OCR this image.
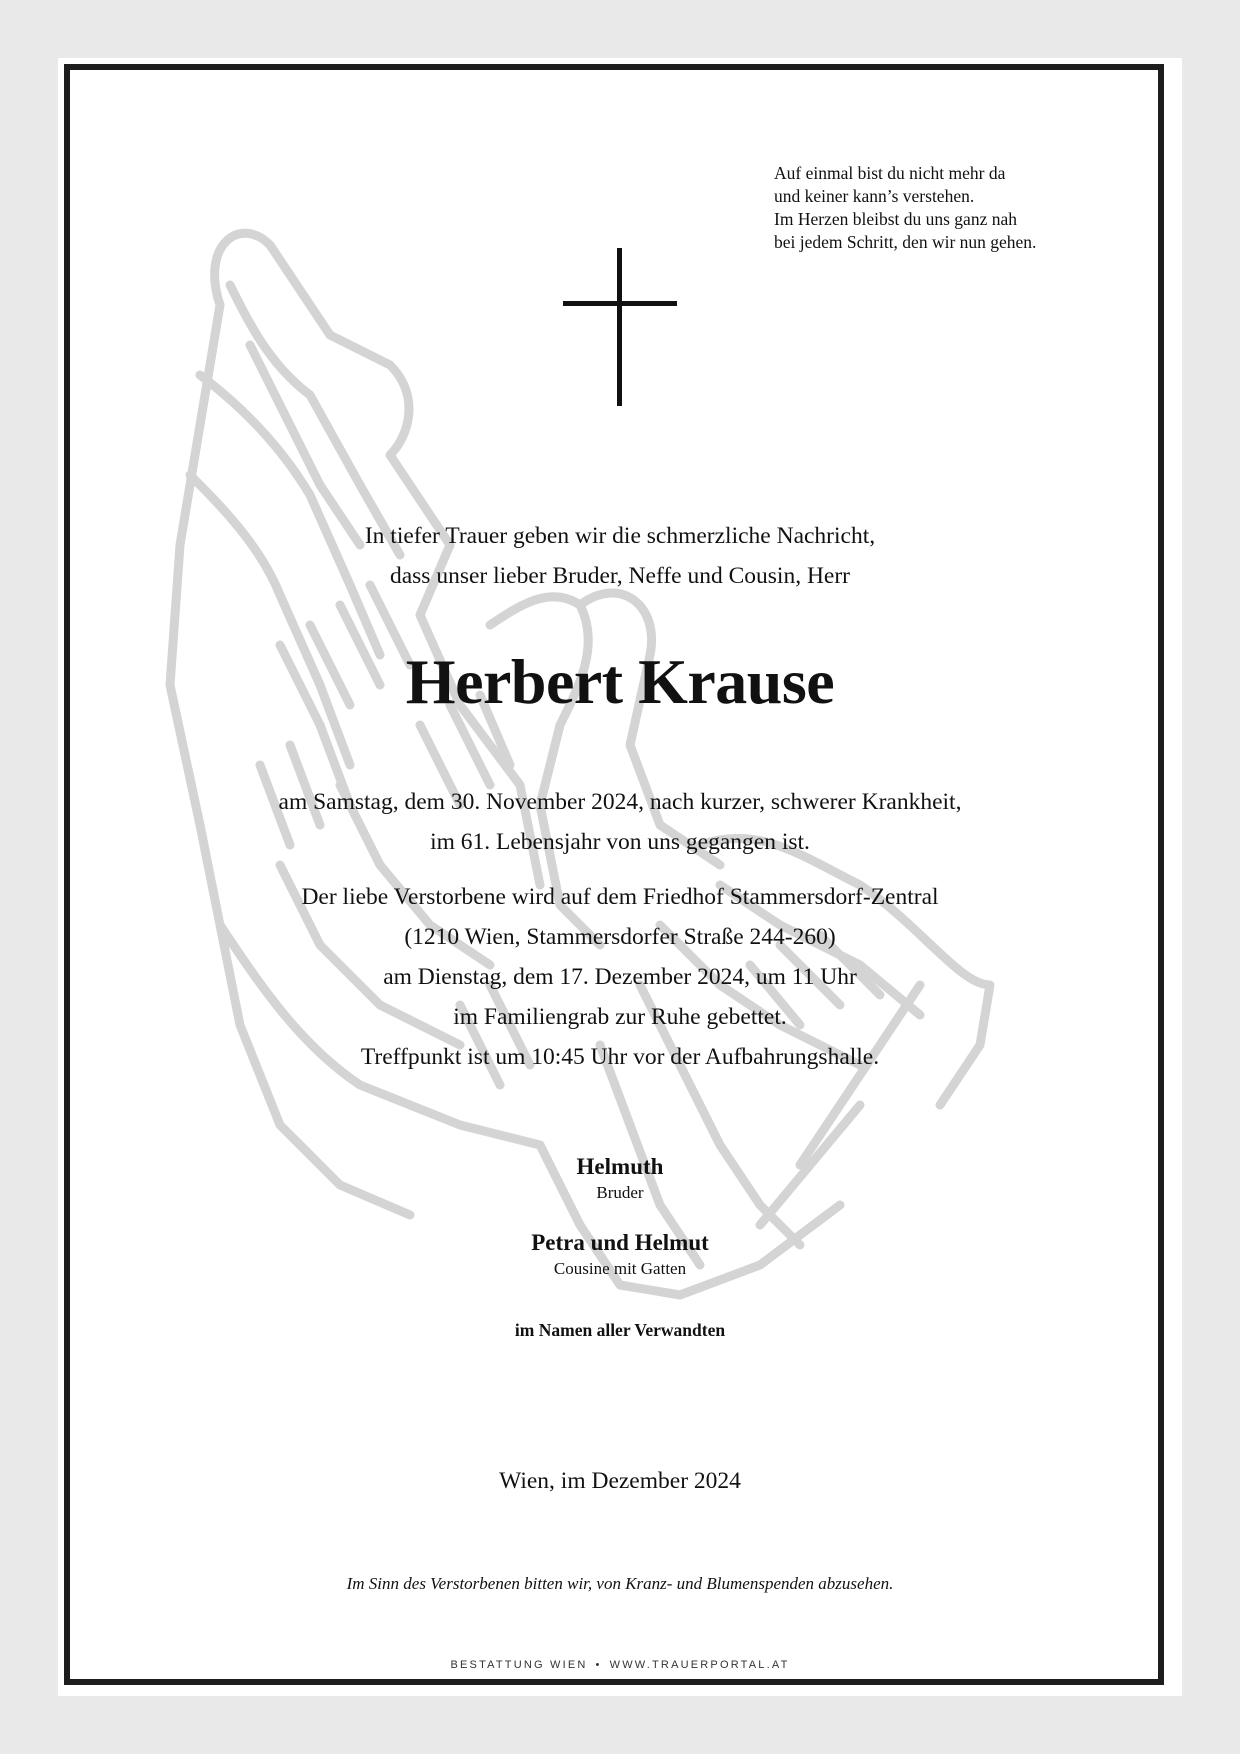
Auf einmal bist du nicht mehr da
und keiner kann’s verstehen.
Im Herzen bleibst du uns ganz nah
bei jedem Schritt, den wir nun gehen.
In tiefer Trauer geben wir die schmerzliche Nachricht,
dass unser lieber Bruder, Neffe und Cousin, Herr
Herbert Krause
am Samstag, dem 30. November 2024, nach kurzer, schwerer Krankheit,
im 61. Lebensjahr von uns gegangen ist.
Der liebe Verstorbene wird auf dem Friedhof Stammersdorf-Zentral
(1210 Wien, Stammersdorfer Straße 244-260)
am Dienstag, dem 17. Dezember 2024, um 11 Uhr
im Familiengrab zur Ruhe gebettet.
Treffpunkt ist um 10:45 Uhr vor der Aufbahrungshalle.
Helmuth
Bruder
Petra und Helmut
Cousine mit Gatten
im Namen aller Verwandten
Wien, im Dezember 2024
Im Sinn des Verstorbenen bitten wir, von Kranz- und Blumenspenden abzusehen.
BESTATTUNG WIEN • WWW.TRAUERPORTAL.AT
